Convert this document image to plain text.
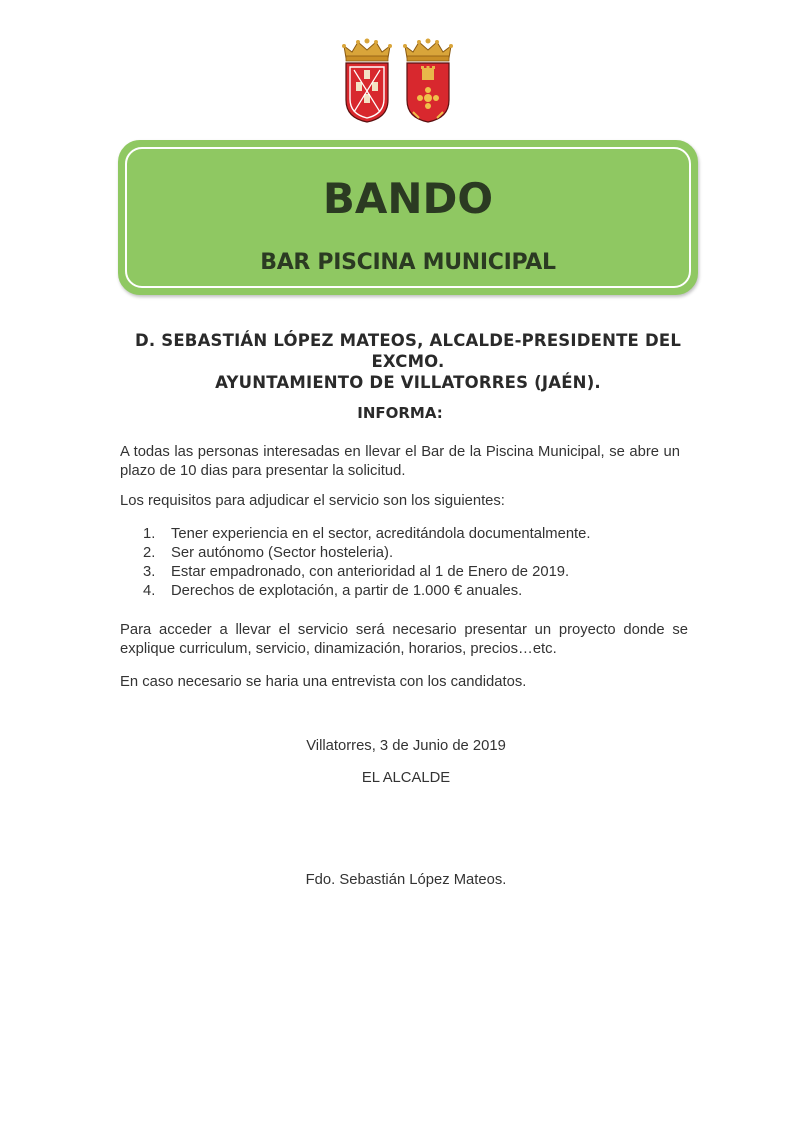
BANDO
BAR PISCINA MUNICIPAL
D. SEBASTIÁN LÓPEZ MATEOS, ALCALDE-PRESIDENTE DEL EXCMO.
AYUNTAMIENTO DE VILLATORRES (JAÉN).
INFORMA:
A todas las personas interesadas en llevar el Bar de la Piscina Municipal, se abre un plazo de 10 dias para presentar la solicitud.
Los requisitos para adjudicar el servicio son los siguientes:
1.	Tener experiencia en el sector, acreditándola documentalmente.
2.	Ser autónomo (Sector hosteleria).
3.	Estar empadronado, con anterioridad al 1 de Enero de 2019.
4.	Derechos de explotación, a partir de 1.000 € anuales.
Para acceder a llevar el servicio será necesario presentar un proyecto donde se explique curriculum, servicio, dinamización, horarios, precios…etc.
En caso necesario se haria una entrevista con los candidatos.
Villatorres, 3 de Junio de 2019
EL ALCALDE
Fdo. Sebastián López Mateos.
